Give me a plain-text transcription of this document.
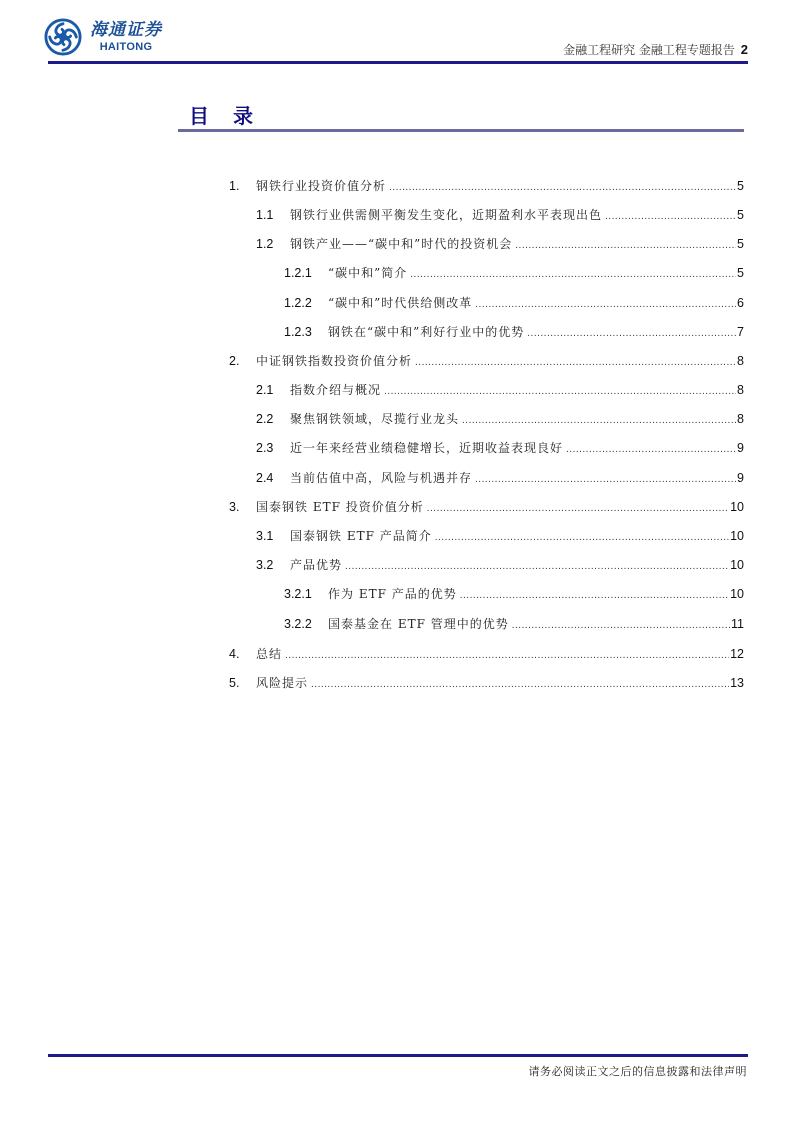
海通证券
HAITONG	金融工程研究 金融工程专题报告 2
目 录
1.	钢铁行业投资价值分析 .....	5
1.1	钢铁行业供需侧平衡发生变化，近期盈利水平表现出色 .....	5
1.2	钢铁产业——“碳中和”时代的投资机会 .....	5
1.2.1	“碳中和”简介 .....	5
1.2.2	“碳中和”时代供给侧改革 .....	6
1.2.3	钢铁在“碳中和”利好行业中的优势 .....	7
2.	中证钢铁指数投资价值分析 .....	8
2.1	指数介绍与概况 .....	8
2.2	聚焦钢铁领域，尽揽行业龙头 .....	8
2.3	近一年来经营业绩稳健增长，近期收益表现良好 .....	9
2.4	当前估值中高，风险与机遇并存 .....	9
3.	国泰钢铁 ETF 投资价值分析 .....	10
3.1	国泰钢铁 ETF 产品简介 .....	10
3.2	产品优势 .....	10
3.2.1	作为 ETF 产品的优势 .....	10
3.2.2	国泰基金在 ETF 管理中的优势 .....	11
4.	总结 .....	12
5.	风险提示 .....	13
请务必阅读正文之后的信息披露和法律声明
